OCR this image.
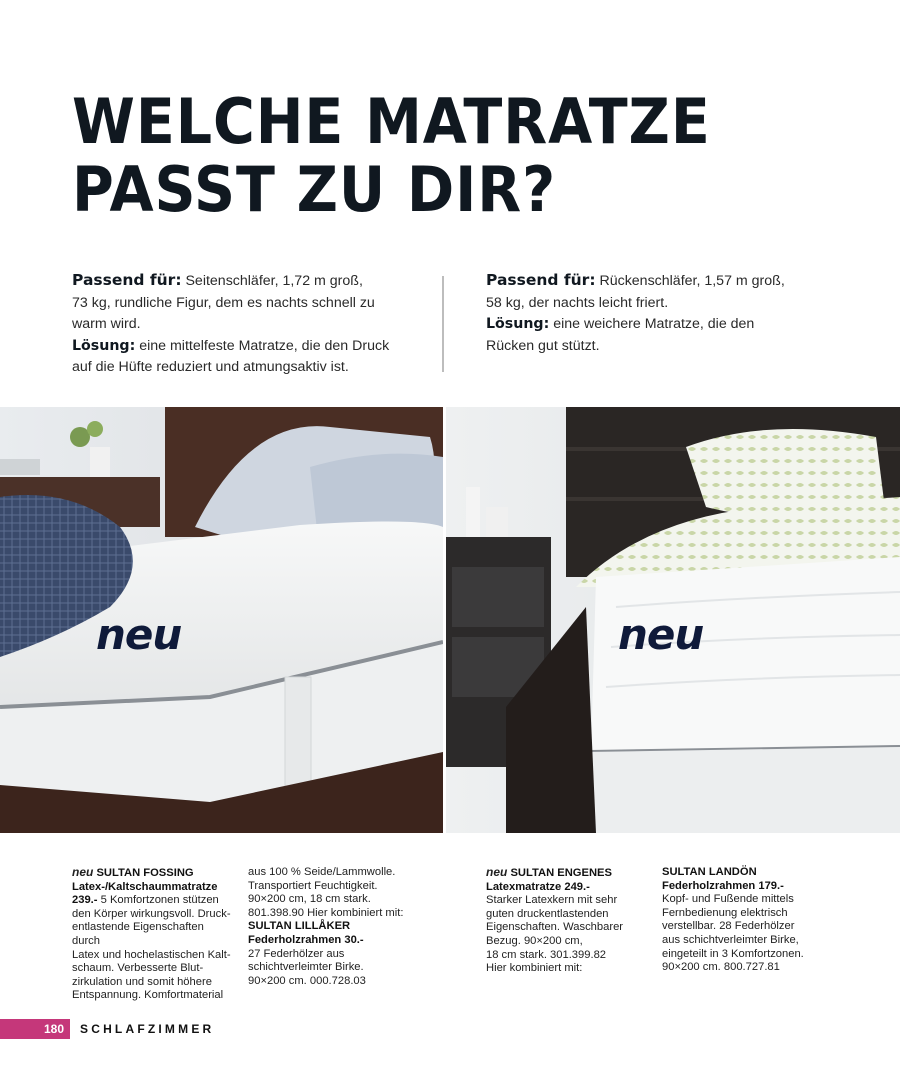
WELCHE MATRATZE
PASST ZU DIR?
Passend für: Seitenschläfer, 1,72 m groß,
73 kg, rundliche Figur, dem es nachts schnell zu
warm wird.
Lösung: eine mittelfeste Matratze, die den Druck
auf die Hüfte reduziert und atmungsaktiv ist.
Passend für: Rückenschläfer, 1,57 m groß,
58 kg, der nachts leicht friert.
Lösung: eine weichere Matratze, die den
Rücken gut stützt.
neu	neu
neu SULTAN FOSSING
Latex-/Kaltschaummatratze
239.- 5 Komfortzonen stützen
den Körper wirkungsvoll. Druck-
entlastende Eigenschaften durch
Latex und hochelastischen Kalt-
schaum. Verbesserte Blut-
zirkulation und somit höhere
Entspannung. Komfortmaterial
aus 100 % Seide/Lammwolle.
Transportiert Feuchtigkeit.
90×200 cm, 18 cm stark.
801.398.90 Hier kombiniert mit:
SULTAN LILLÅKER
Federholzrahmen 30.-
27 Federhölzer aus
schichtverleimter Birke.
90×200 cm. 000.728.03
neu SULTAN ENGENES
Latexmatratze 249.-
Starker Latexkern mit sehr
guten druckentlastenden
Eigenschaften. Waschbarer
Bezug. 90×200 cm,
18 cm stark. 301.399.82
Hier kombiniert mit:
SULTAN LANDÖN
Federholzrahmen 179.-
Kopf- und Fußende mittels
Fernbedienung elektrisch
verstellbar. 28 Federhölzer
aus schichtverleimter Birke,
eingeteilt in 3 Komfortzonen.
90×200 cm. 800.727.81
180	SCHLAFZIMMER
